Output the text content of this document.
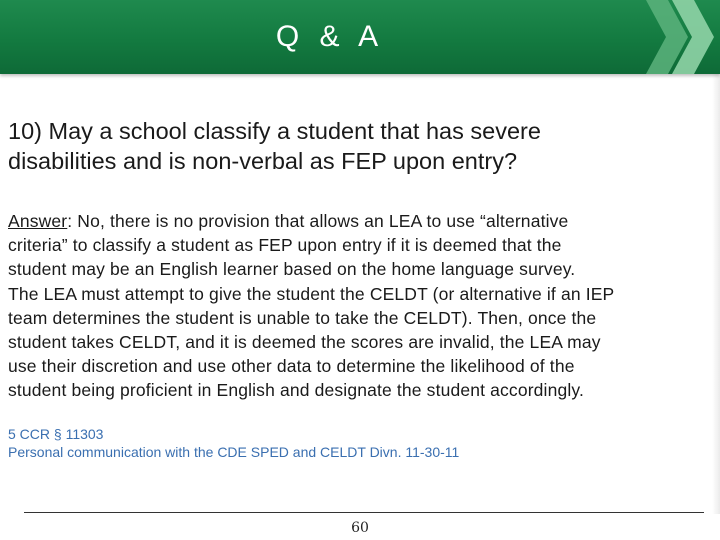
Q & A
10) May a school classify a student that has severe
disabilities and is non-verbal as FEP upon entry?
Answer: No, there is no provision that allows an LEA to use “alternative
criteria” to classify a student as FEP upon entry if it is deemed that the
student may be an English learner based on the home language survey.
The LEA must attempt to give the student the CELDT (or alternative if an IEP
team determines the student is unable to take the CELDT). Then, once the
student takes CELDT, and it is deemed the scores are invalid, the LEA may
use their discretion and use other data to determine the likelihood of the
student being proficient in English and designate the student accordingly.
5 CCR § 11303
Personal communication with the CDE SPED and CELDT Divn. 11-30-11
60
